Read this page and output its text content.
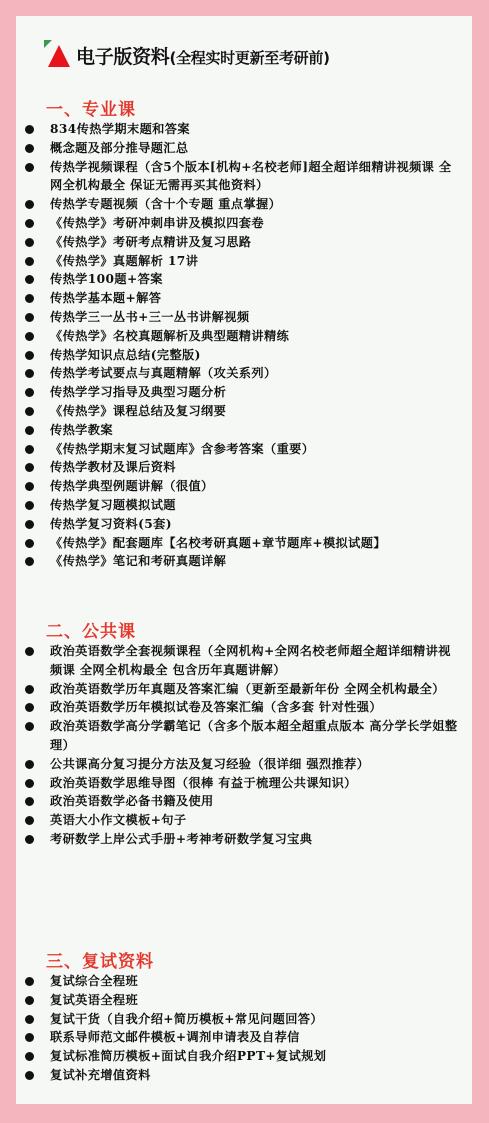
电子版资料(全程实时更新至考研前)
一、专业课
834传热学期末题和答案
概念题及部分推导题汇总
传热学视频课程（含5个版本[机构+名校老师]超全超详细精讲视频课 全网全机构最全 保证无需再买其他资料）
传热学专题视频（含十个专题 重点掌握）
《传热学》考研冲刺串讲及模拟四套卷
《传热学》考研考点精讲及复习思路
《传热学》真题解析 17讲
传热学100题+答案
传热学基本题+解答
传热学三一丛书+三一丛书讲解视频
《传热学》名校真题解析及典型题精讲精练
传热学知识点总结(完整版)
传热学考试要点与真题精解（攻关系列）
传热学学习指导及典型习题分析
《传热学》课程总结及复习纲要
传热学教案
《传热学期末复习试题库》含参考答案（重要）
传热学教材及课后资料
传热学典型例题讲解（很值）
传热学复习题模拟试题
传热学复习资料(5套)
《传热学》配套题库【名校考研真题+章节题库+模拟试题】
《传热学》笔记和考研真题详解
二、公共课
政治英语数学全套视频课程（全网机构+全网名校老师超全超详细精讲视频课 全网全机构最全 包含历年真题讲解）
政治英语数学历年真题及答案汇编（更新至最新年份 全网全机构最全）
政治英语数学历年模拟试卷及答案汇编（含多套 针对性强）
政治英语数学高分学霸笔记（含多个版本超全超重点版本 高分学长学姐整理）
公共课高分复习提分方法及复习经验（很详细 强烈推荐）
政治英语数学思维导图（很棒 有益于梳理公共课知识）
政治英语数学必备书籍及使用
英语大小作文模板+句子
考研数学上岸公式手册+考神考研数学复习宝典
三、复试资料
复试综合全程班
复试英语全程班
复试干货（自我介绍+简历模板+常见问题回答）
联系导师范文邮件模板+调剂申请表及自荐信
复试标准简历模板+面试自我介绍PPT+复试规划
复试补充增值资料
